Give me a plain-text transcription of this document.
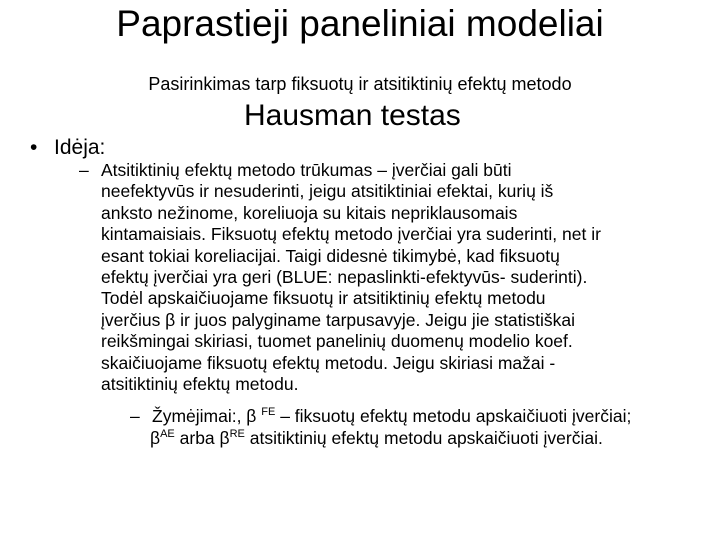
Paprastieji paneliniai modeliai
Pasirinkimas tarp fiksuotų ir atsitiktinių efektų metodo
Hausman testas
• Idėja:
– Atsitiktinių efektų metodo trūkumas – įverčiai gali būti
neefektyvūs ir nesuderinti, jeigu atsitiktiniai efektai, kurių iš
anksto nežinome, koreliuoja su kitais nepriklausomais
kintamaisiais. Fiksuotų efektų metodo įverčiai yra suderinti, net ir
esant tokiai koreliacijai. Taigi didesnė tikimybė, kad fiksuotų
efektų įverčiai yra geri (BLUE: nepaslinkti-efektyvūs- suderinti).
Todėl apskaičiuojame fiksuotų ir atsitiktinių efektų metodu
įverčius β ir juos palyginame tarpusavyje. Jeigu jie statistiškai
reikšmingai skiriasi, tuomet panelinių duomenų modelio koef.
skaičiuojame fiksuotų efektų metodu. Jeigu skiriasi mažai -
atsitiktinių efektų metodu.
– Žymėjimai:, β $^{FE}$ – fiksuotų efektų metodu apskaičiuoti įverčiai;
$\beta^{AE}$ arba $\beta^{RE}$ atsitiktinių efektų metodu apskaičiuoti įverčiai.
